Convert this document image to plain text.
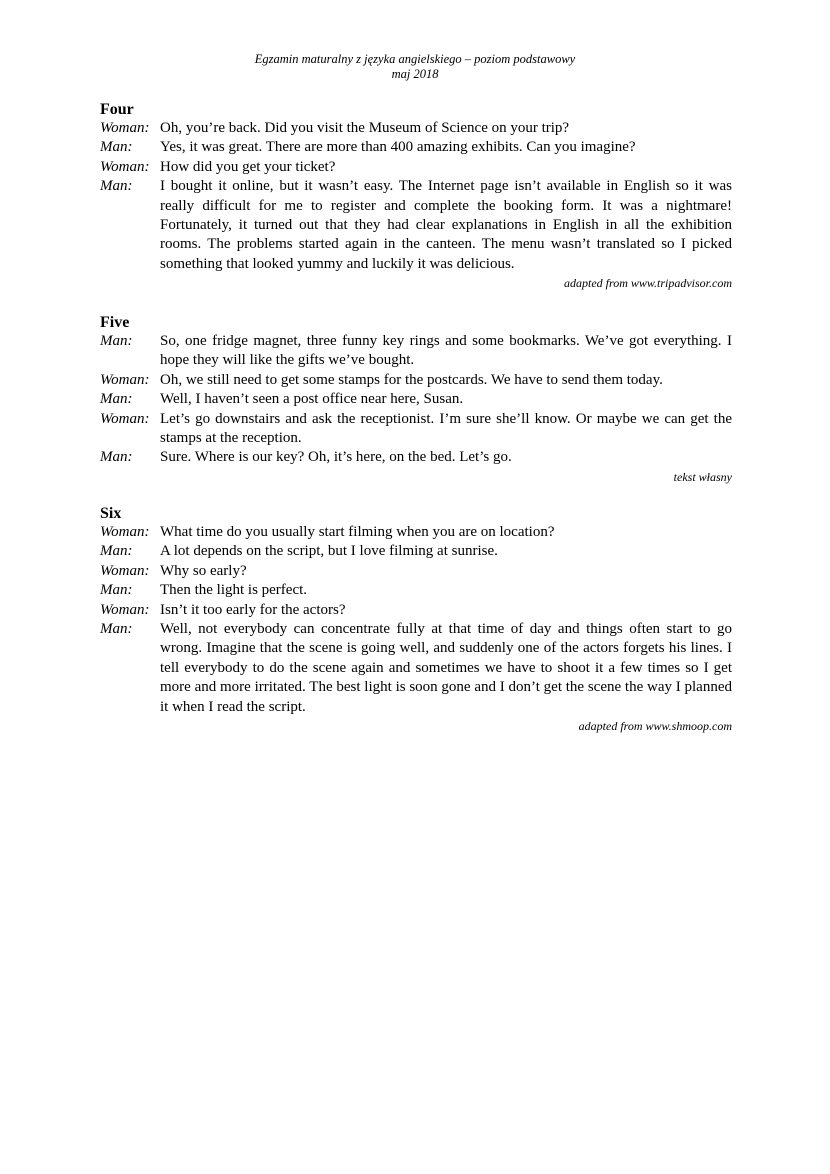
Egzamin maturalny z języka angielskiego – poziom podstawowy
maj 2018
Four
Woman: Oh, you’re back. Did you visit the Museum of Science on your trip?
Man:	Yes, it was great. There are more than 400 amazing exhibits. Can you imagine?
Woman: How did you get your ticket?
Man:	I bought it online, but it wasn’t easy. The Internet page isn’t available in English so it was really difficult for me to register and complete the booking form. It was a nightmare! Fortunately, it turned out that they had clear explanations in English in all the exhibition rooms. The problems started again in the canteen. The menu wasn’t translated so I picked something that looked yummy and luckily it was delicious.
adapted from www.tripadvisor.com
Five
Man:	So, one fridge magnet, three funny key rings and some bookmarks. We’ve got everything. I hope they will like the gifts we’ve bought.
Woman: Oh, we still need to get some stamps for the postcards. We have to send them today.
Man:	Well, I haven’t seen a post office near here, Susan.
Woman: Let’s go downstairs and ask the receptionist. I’m sure she’ll know. Or maybe we can get the stamps at the reception.
Man:	Sure. Where is our key? Oh, it’s here, on the bed. Let’s go.
tekst własny
Six
Woman: What time do you usually start filming when you are on location?
Man:	A lot depends on the script, but I love filming at sunrise.
Woman: Why so early?
Man:	Then the light is perfect.
Woman: Isn’t it too early for the actors?
Man:	Well, not everybody can concentrate fully at that time of day and things often start to go wrong. Imagine that the scene is going well, and suddenly one of the actors forgets his lines. I tell everybody to do the scene again and sometimes we have to shoot it a few times so I get more and more irritated. The best light is soon gone and I don’t get the scene the way I planned it when I read the script.
adapted from www.shmoop.com
